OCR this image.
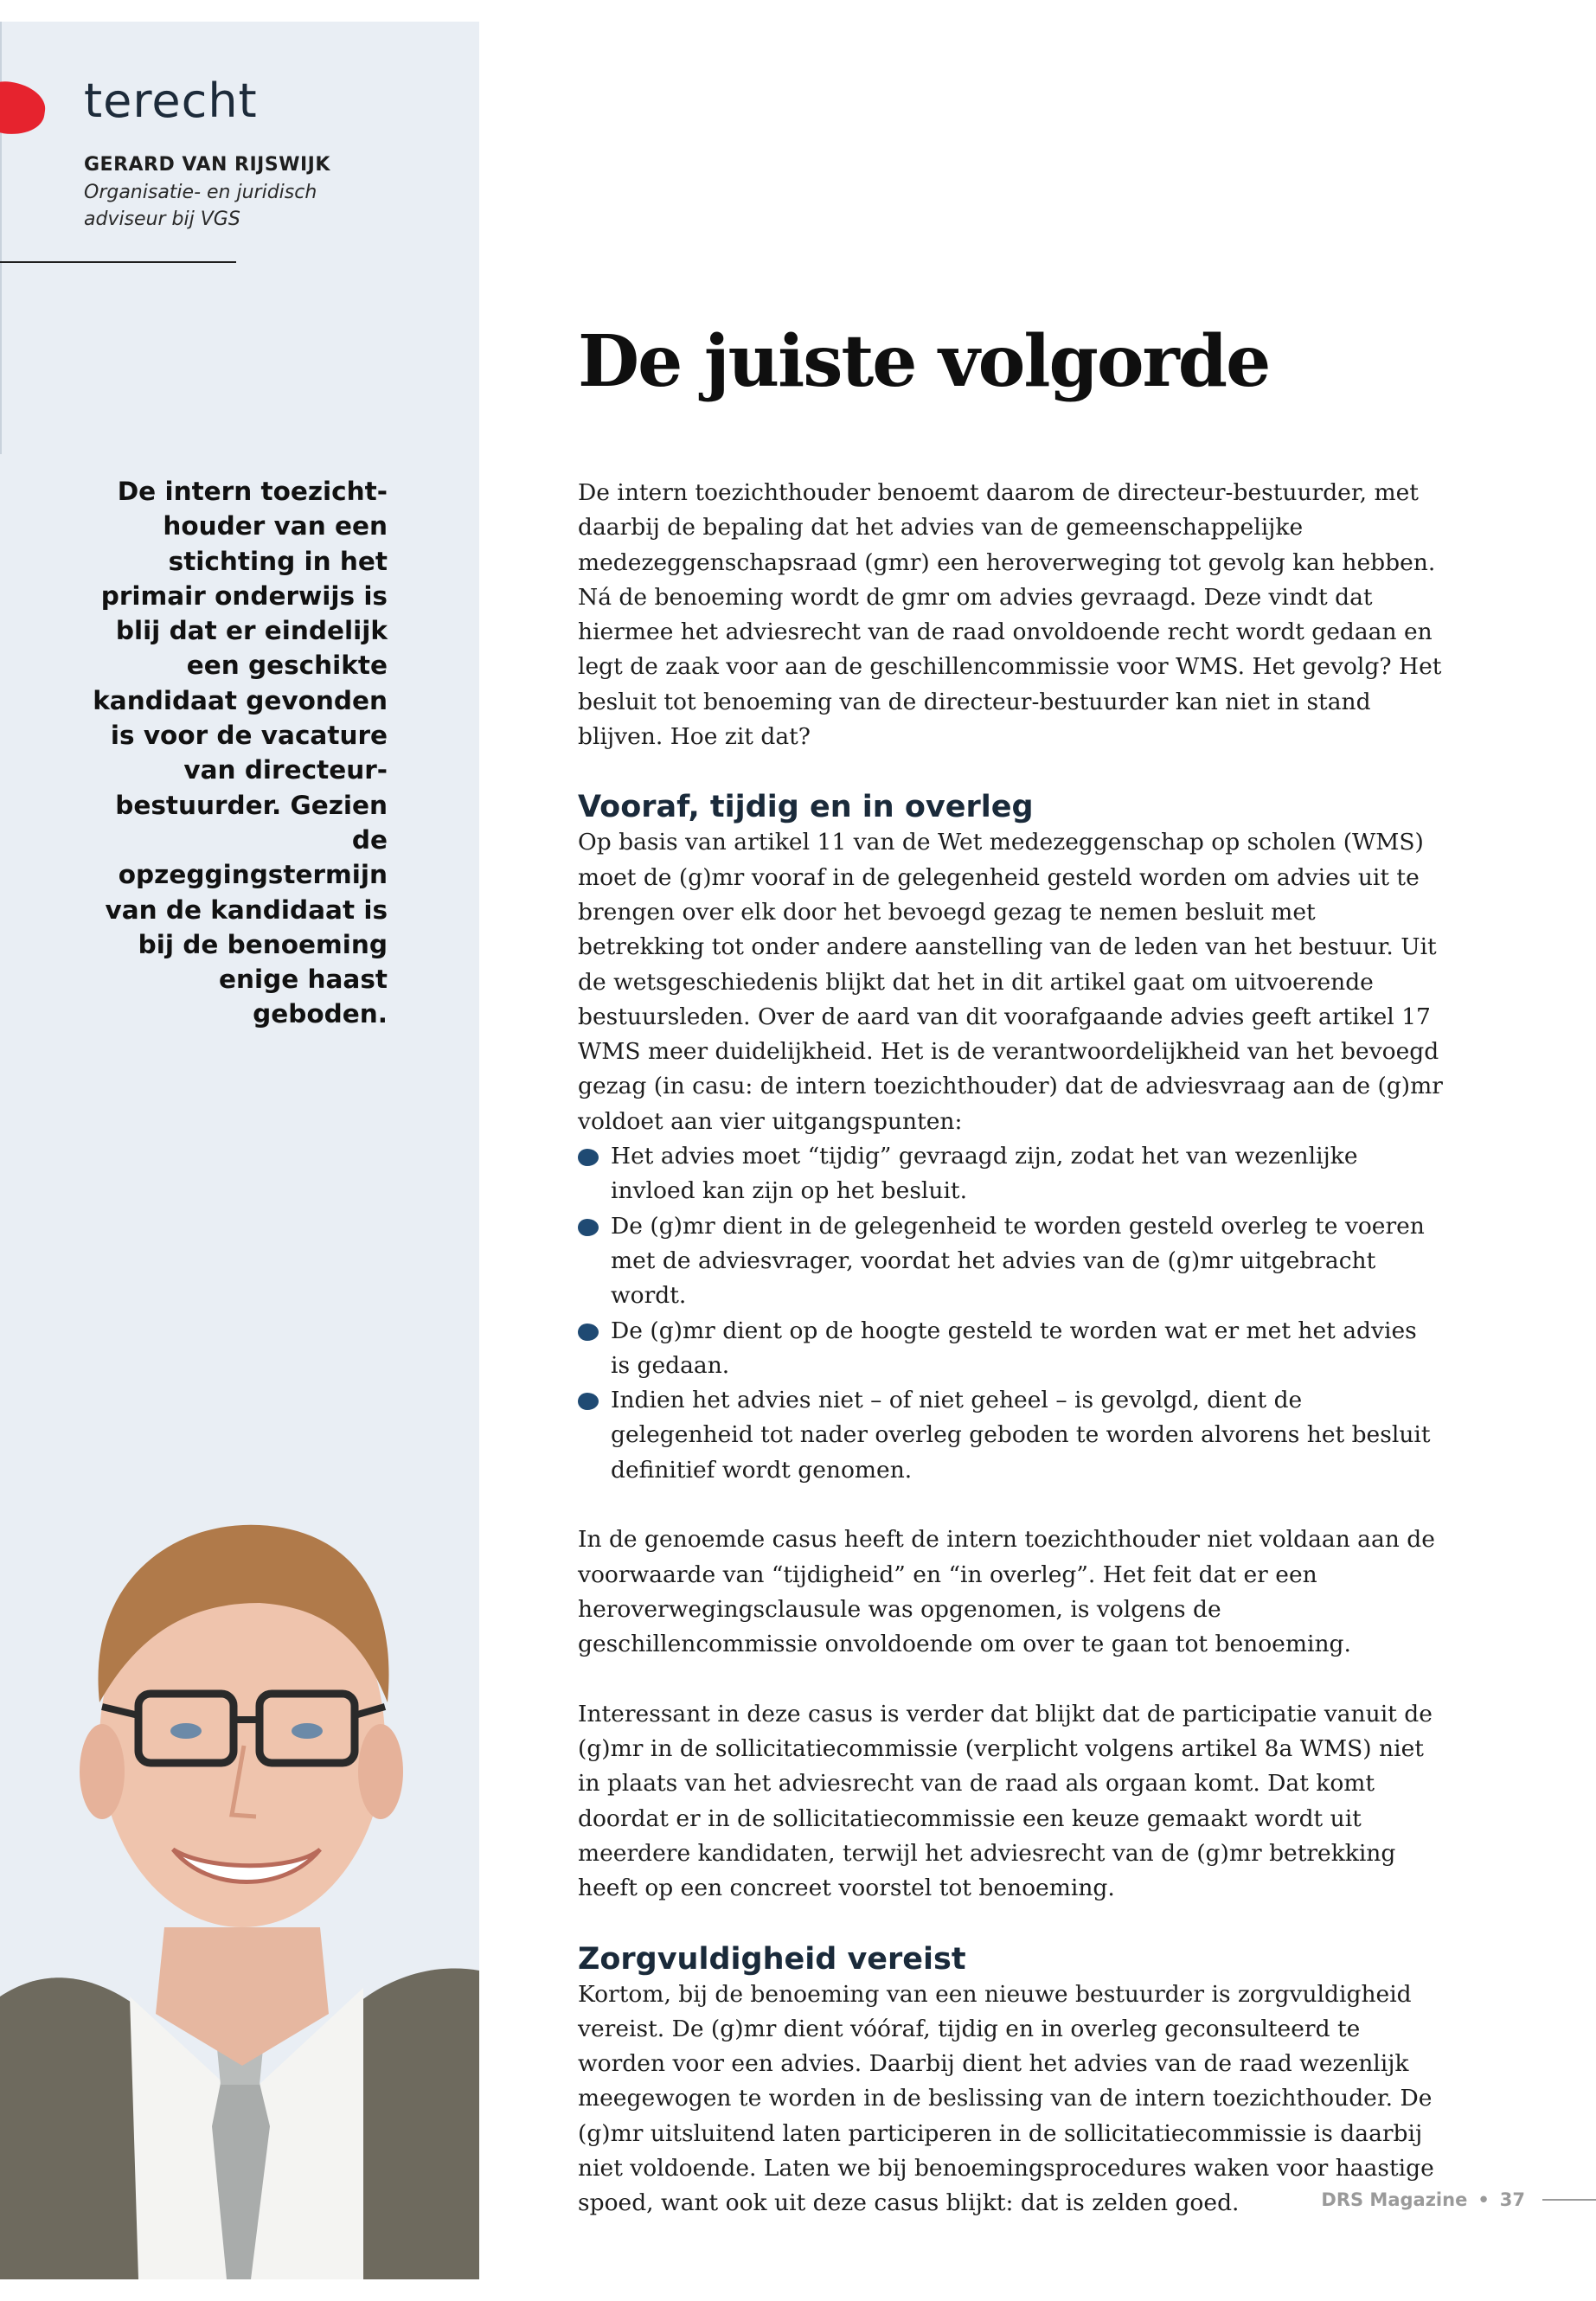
terecht
GERARD VAN RIJSWIJK
Organisatie- en juridisch adviseur bij VGS
De intern toezicht-houder van een stichting in het primair onderwijs is blij dat er eindelijk een geschikte kandidaat gevonden is voor de vacature van directeur-bestuurder. Gezien de opzeggingstermijn van de kandidaat is bij de benoeming enige haast geboden.
De juiste volgorde

De intern toezichthouder benoemt daarom de directeur-bestuurder, met daarbij de bepaling dat het advies van de gemeenschappelijke medezeggenschapsraad (gmr) een heroverweging tot gevolg kan hebben. Ná de benoeming wordt de gmr om advies gevraagd. Deze vindt dat hiermee het adviesrecht van de raad onvoldoende recht wordt gedaan en legt de zaak voor aan de geschillencommissie voor WMS. Het gevolg? Het besluit tot benoeming van de directeur-bestuurder kan niet in stand blijven. Hoe zit dat?

Vooraf, tijdig en in overleg

Op basis van artikel 11 van de Wet medezeggenschap op scholen (WMS) moet de (g)mr vooraf in de gelegenheid gesteld worden om advies uit te brengen over elk door het bevoegd gezag te nemen besluit met betrekking tot onder andere aanstelling van de leden van het bestuur. Uit de wetsgeschiedenis blijkt dat het in dit artikel gaat om uitvoerende bestuursleden. Over de aard van dit voorafgaande advies geeft artikel 17 WMS meer duidelijkheid. Het is de verantwoordelijkheid van het bevoegd gezag (in casu: de intern toezichthouder) dat de adviesvraag aan de (g)mr voldoet aan vier uitgangspunten:

Het advies moet “tijdig” gevraagd zijn, zodat het van wezenlijke invloed kan zijn op het besluit.
De (g)mr dient in de gelegenheid te worden gesteld overleg te voeren met de adviesvrager, voordat het advies van de (g)mr uitgebracht wordt.
De (g)mr dient op de hoogte gesteld te worden wat er met het advies is gedaan.
Indien het advies niet – of niet geheel – is gevolgd, dient de gelegenheid tot nader overleg geboden te worden alvorens het besluit definitief wordt genomen.

In de genoemde casus heeft de intern toezichthouder niet voldaan aan de voorwaarde van “tijdigheid” en “in overleg”. Het feit dat er een heroverwegingsclausule was opgenomen, is volgens de geschillencommissie onvoldoende om over te gaan tot benoeming.

Interessant in deze casus is verder dat blijkt dat de participatie vanuit de (g)mr in de sollicitatiecommissie (verplicht volgens artikel 8a WMS) niet in plaats van het adviesrecht van de raad als orgaan komt. Dat komt doordat er in de sollicitatiecommissie een keuze gemaakt wordt uit meerdere kandidaten, terwijl het adviesrecht van de (g)mr betrekking heeft op een concreet voorstel tot benoeming.

Zorgvuldigheid vereist

Kortom, bij de benoeming van een nieuwe bestuurder is zorgvuldigheid vereist. De (g)mr dient vóóraf, tijdig en in overleg geconsulteerd te worden voor een advies. Daarbij dient het advies van de raad wezenlijk meegewogen te worden in de beslissing van de intern toezichthouder. De (g)mr uitsluitend laten participeren in de sollicitatiecommissie is daarbij niet voldoende. Laten we bij benoemingsprocedures waken voor haastige spoed, want ook uit deze casus blijkt: dat is zelden goed.	DRS Magazine • 37
